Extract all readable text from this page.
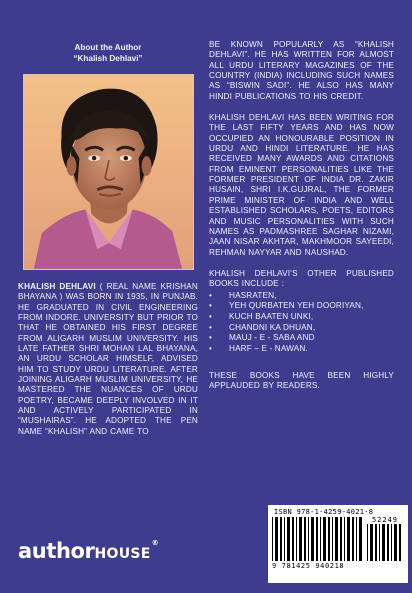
About the Author
“Khalish Dehlavi”
KHALISH DEHLAVI ( REAL NAME KRISHAN BHAYANA ) WAS BORN IN 1935, IN PUNJAB. HE GRADUATED IN CIVIL ENGINEERING FROM INDORE. UNIVERSITY BUT PRIOR TO THAT HE OBTAINED HIS FIRST DEGREE FROM ALIGARH MUSLIM UNIVERSITY. HIS LATE FATHER SHRI MOHAN LAL BHAYANA, AN URDU SCHOLAR HIMSELF, ADVISED HIM TO STUDY URDU LITERATURE. AFTER JOINING ALIGARH MUSLIM UNIVERSITY, HE MASTERED THE NUANCES OF URDU POETRY, BECAME DEEPLY INVOLVED IN IT AND ACTIVELY PARTICIPATED IN “MUSHAIRAS”. HE ADOPTED THE PEN NAME “KHALISH” AND CAME TO

BE KNOWN POPULARLY AS “KHALISH DEHLAVI”. HE HAS WRITTEN FOR ALMOST ALL URDU LITERARY MAGAZINES OF THE COUNTRY (INDIA) INCLUDING SUCH NAMES AS “BISWIN SADI”. HE ALSO HAS MANY HINDI PUBLICATIONS TO HIS CREDIT.

KHALISH DEHLAVI HAS BEEN WRITING FOR THE LAST FIFTY YEARS AND HAS NOW OCCUPIED AN HONOURABLE POSITION IN URDU AND HINDI LITERATURE. HE HAS RECEIVED MANY AWARDS AND CITATIONS FROM EMINENT PERSONALITIES LIKE THE FORMER PRESIDENT OF INDIA DR. ZAKIR HUSAIN, SHRI I.K.GUJRAL, THE FORMER PRIME MINISTER OF INDIA AND WELL ESTABLISHED SCHOLARS, POETS, EDITORS AND MUSIC PERSONALITIES WITH SUCH NAMES AS PADMASHREE SAGHAR NIZAMI, JAAN NISAR AKHTAR, MAKHMOOR SAYEEDI, REHMAN NAYYAR AND NAUSHAD.

KHALISH DEHLAVI’S OTHER PUBLISHED BOOKS INCLUDE :

•	HASRATEN,
•	YEH QURBATEN YEH DOORIYAN,
•	KUCH BAATEN UNKI,
•	CHANDNI KA DHUAN,
•	MAUJ - E - SABA AND
•	HARF – E - NAWAN.

THESE BOOKS HAVE BEEN HIGHLY APPLAUDED BY READERS.

authorHOUSE®
ISBN 978-1-4259-4021-8
52249
9 781425 940218
